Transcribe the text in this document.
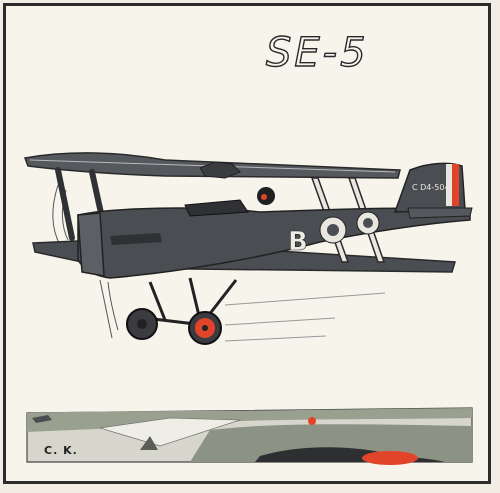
SE-5
C D4-504
B
C. K.
